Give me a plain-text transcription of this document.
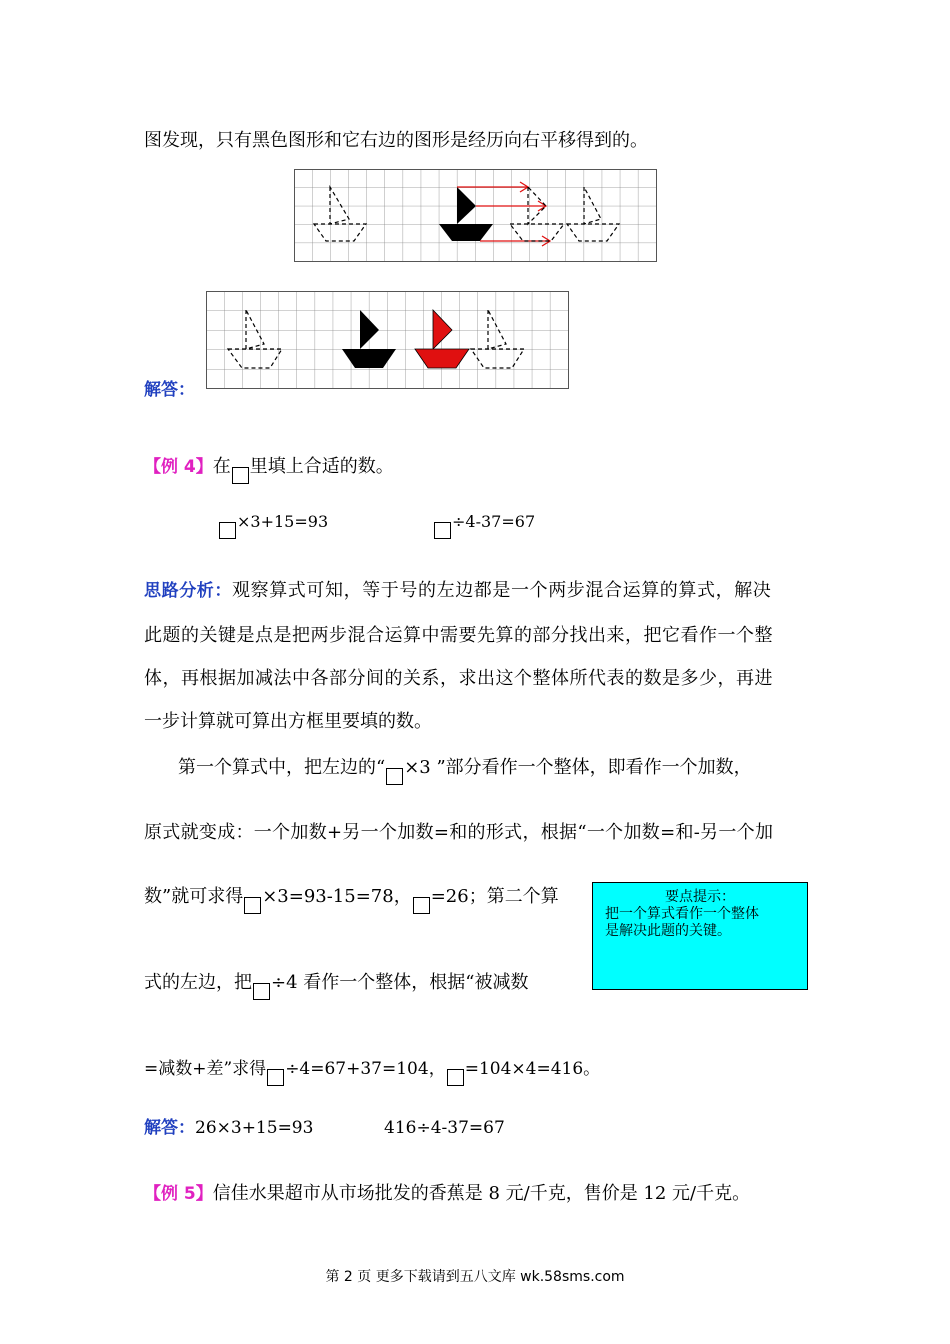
图发现，只有黑色图形和它右边的图形是经历向右平移得到的。
解答：
【例 4】在 里填上合适的数。
×3+15=93	÷4-37=67
思路分析：观察算式可知，等于号的左边都是一个两步混合运算的算式，解决
此题的关键是点是把两步混合运算中需要先算的部分找出来，把它看作一个整
体，再根据加减法中各部分间的关系，求出这个整体所代表的数是多少，再进
一步计算就可算出方框里要填的数。
第一个算式中，把左边的“ ×3 ”部分看作一个整体，即看作一个加数，
原式就变成：一个加数+另一个加数=和的形式，根据“一个加数=和-另一个加
数”就可求得 ×3=93-15=78， =26；第二个算
式的左边，把 ÷4 看作一个整体，根据“被减数
=减数+差”求得 ÷4=67+37=104， =104×4=416。
要点提示：
把一个算式看作一个整体
是解决此题的关键。
解答：26×3+15=93	416÷4-37=67
【例 5】信佳水果超市从市场批发的香蕉是 8 元/千克，售价是 12 元/千克。
第 2 页 更多下载请到五八文库 wk.58sms.com
